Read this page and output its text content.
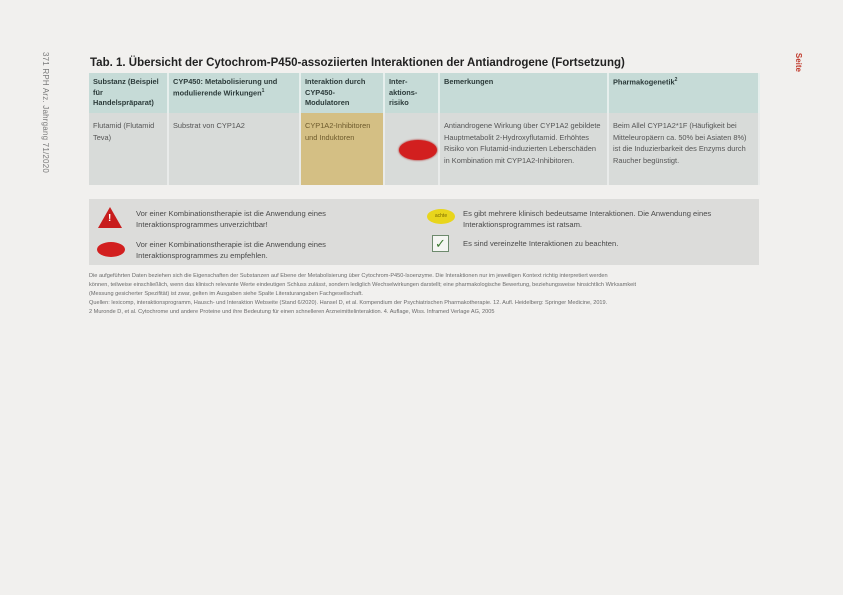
371 RPH Arz. Jahrgang 71/2020	Seite
Tab. 1. Übersicht der Cytochrom-P450-assoziierten Interaktionen der Antiandrogene (Fortsetzung)
Substanz (Beispiel für Handelspräparat)	CYP450: Metabolisierung und modulierende Wirkungen$^1$	Interaktion durch CYP450-Modulatoren	Inter-aktions-risiko	Bemerkungen	Pharmakogenetik$^2$
Flutamid (Flutamid Teva)	Substrat von CYP1A2	CYP1A2-Inhibitoren und Induktoren		Antiandrogene Wirkung über CYP1A2 gebildete Hauptmetabolit 2-Hydroxyflutamid. Erhöhtes Risiko von Flutamid-induzierten Leberschäden in Kombination mit CYP1A2-Inhibitoren.	Beim Allel CYP1A2*1F (Häufigkeit bei Mitteleuropäern ca. 50% bei Asiaten 8%) ist die Induzierbarkeit des Enzyms durch Raucher begünstigt.
!	Vor einer Kombinationstherapie ist die Anwendung eines Interaktionsprogrammes unverzichtbar!
Vor einer Kombinationstherapie ist die Anwendung eines Interaktionsprogrammes zu empfehlen.
achte	Es gibt mehrere klinisch bedeutsame Interaktionen. Die Anwendung eines Interaktionsprogrammes ist ratsam.
✓	Es sind vereinzelte Interaktionen zu beachten.
Die aufgeführten Daten beziehen sich die Eigenschaften der Substanzen auf Ebene der Metabolisierung über Cytochrom-P450-Isoenzyme. Die Interaktionen nur im jeweiligen Kontext richtig interpretiert werden
können, teilweise einschließlich, wenn das klinisch relevante Werte eindeutigen Schluss zulässt, sondern lediglich Wechselwirkungen darstellt; eine pharmakologische Bewertung, beziehungsweise hinsichtlich Wirksamkeit
(Messung gesicherter Spezifität) ist zwar, gelten im Ausgaben siehe Spalte Literaturangaben Fachgesellschaft.
Quellen: lexicomp, interaktionsprogramm, Hausch- und Interaktion Webseite (Stand 6/2020). Hansel D, et al. Kompendium der Psychiatrischen Pharmakotherapie. 12. Aufl. Heidelberg: Springer Medicine, 2019.
2 Muronde D, et al. Cytochrome und andere Proteine und ihre Bedeutung für einen schnelleren Arzneimittelinteraktion. 4. Auflage, Wiss. Inframed Verlage AG, 2005
